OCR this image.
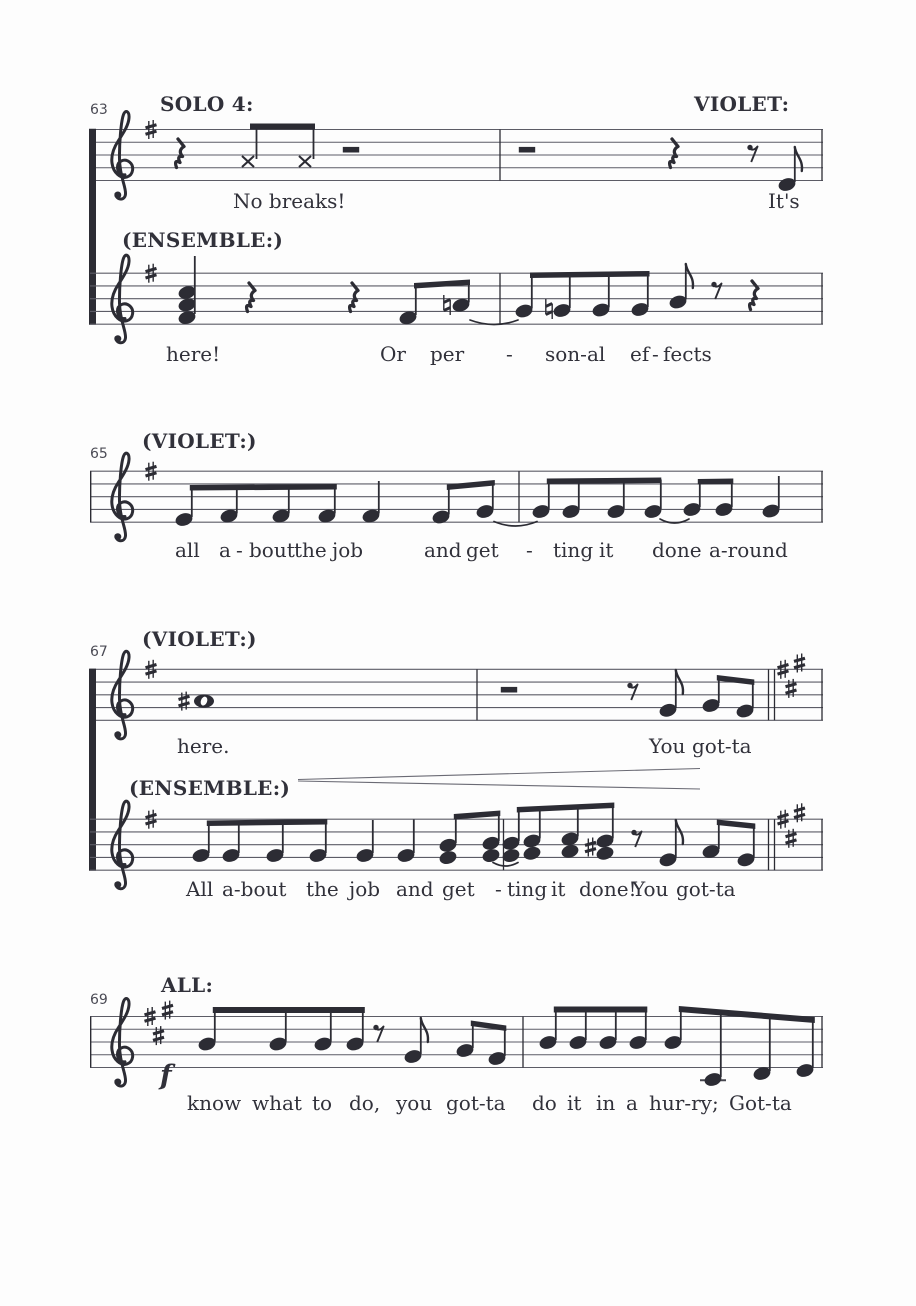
63	SOLO 4:	VIOLET:
No breaks!	It's
(ENSEMBLE:)
here!	Or per - son-al ef - fects
65
(VIOLET:)
all a - bout the job	and get - ting it done a-round
67
(VIOLET:)
here.	You got-ta
(ENSEMBLE:)
All a-bout the job and get - ting it done!
You got-ta
69
ALL:
f
know what to do, you got-ta do it in a hur-ry; Got-ta
